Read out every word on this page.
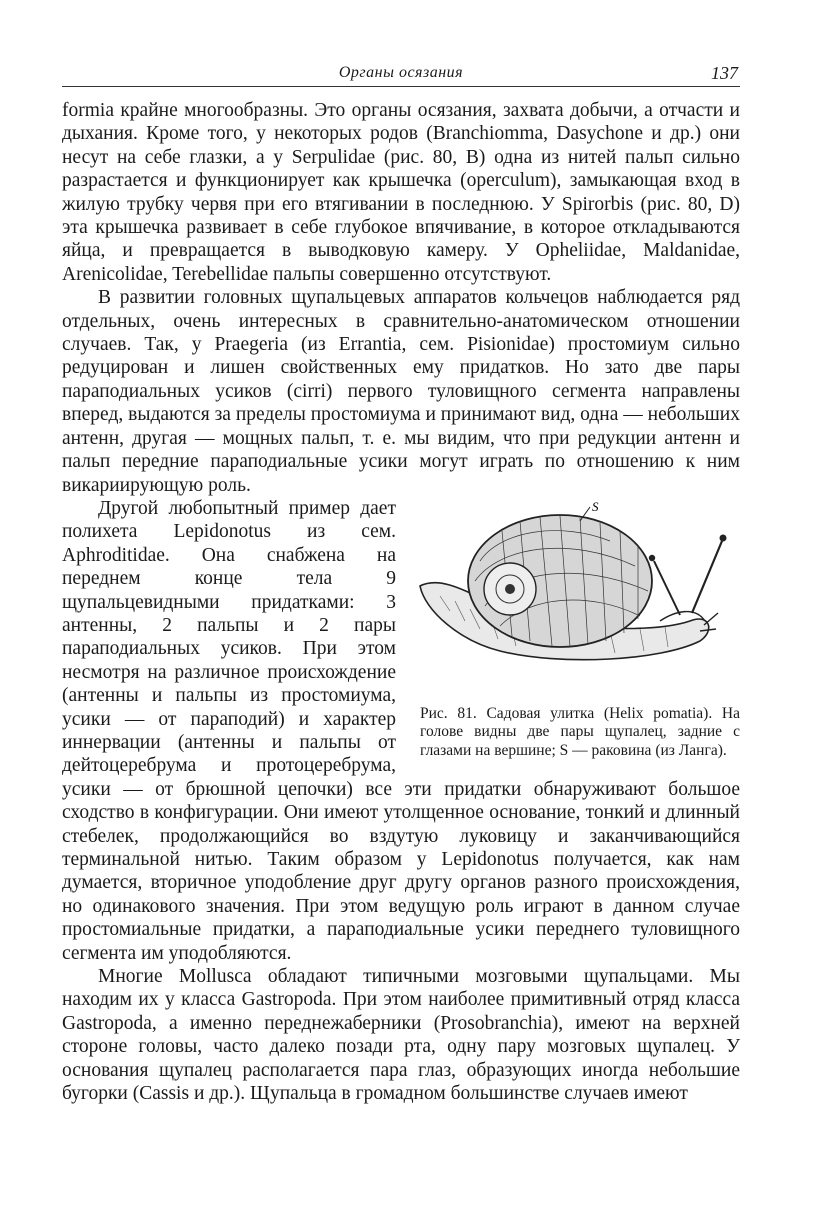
Органы осязания	137

formia крайне многообразны. Это органы осязания, захвата добычи, а отчасти и дыхания. Кроме того, у некоторых родов (Branchiomma, Dasychone и др.) они несут на себе глазки, а у Serpulidae (рис. 80, B) одна из нитей пальп сильно разрастается и функционирует как крышечка (operculum), замыкающая вход в жилую трубку червя при его втягивании в последнюю. У Spirorbis (рис. 80, D) эта крышечка развивает в себе глубокое впячивание, в которое откладываются яйца, и превращается в выводковую камеру. У Opheliidae, Maldanidae, Arenicolidae, Terebellidae пальпы совершенно отсутствуют.

В развитии головных щупальцевых аппаратов кольчецов наблюдается ряд отдельных, очень интересных в сравнительно-анатомическом отношении случаев. Так, у Praegeria (из Errantia, сем. Pisionidae) простомиум сильно редуцирован и лишен свойственных ему придатков. Но зато две пары параподиальных усиков (cirri) первого туловищного сегмента направлены вперед, выдаются за пределы простомиума и принимают вид, одна — небольших антенн, другая — мощных пальп, т. е. мы видим, что при редукции антенн и пальп передние параподиальные усики могут играть по отношению к ним викариирующую роль.

S
Рис. 81. Садовая улитка (Helix pomatia). На голове видны две пары щупалец, задние с глазами на вершине; S — раковина (из Ланга).

Другой любопытный пример дает полихета Lepidonotus из сем. Aphroditidae. Она снабжена на переднем конце тела 9 щупальцевидными придатками: 3 антенны, 2 пальпы и 2 пары параподиальных усиков. При этом несмотря на различное происхождение (антенны и пальпы из простомиума, усики — от параподий) и характер иннервации (антенны и пальпы от дейтоцеребрума и протоцеребрума, усики — от брюшной цепочки) все эти придатки обнаруживают большое сходство в конфигурации. Они имеют утолщенное основание, тонкий и длинный стебелек, продолжающийся во вздутую луковицу и заканчивающийся терминальной нитью. Таким образом у Lepidonotus получается, как нам думается, вторичное уподобление друг другу органов разного происхождения, но одинакового значения. При этом ведущую роль играют в данном случае простомиальные придатки, а параподиальные усики переднего туловищного сегмента им уподобляются.

Многие Mollusca обладают типичными мозговыми щупальцами. Мы находим их у класса Gastropoda. При этом наиболее примитивный отряд класса Gastropoda, а именно переднежаберники (Prosobranchia), имеют на верхней стороне головы, часто далеко позади рта, одну пару мозговых щупалец. У основания щупалец располагается пара глаз, образующих иногда небольшие бугорки (Cassis и др.). Щупальца в громадном большинстве случаев имеют
